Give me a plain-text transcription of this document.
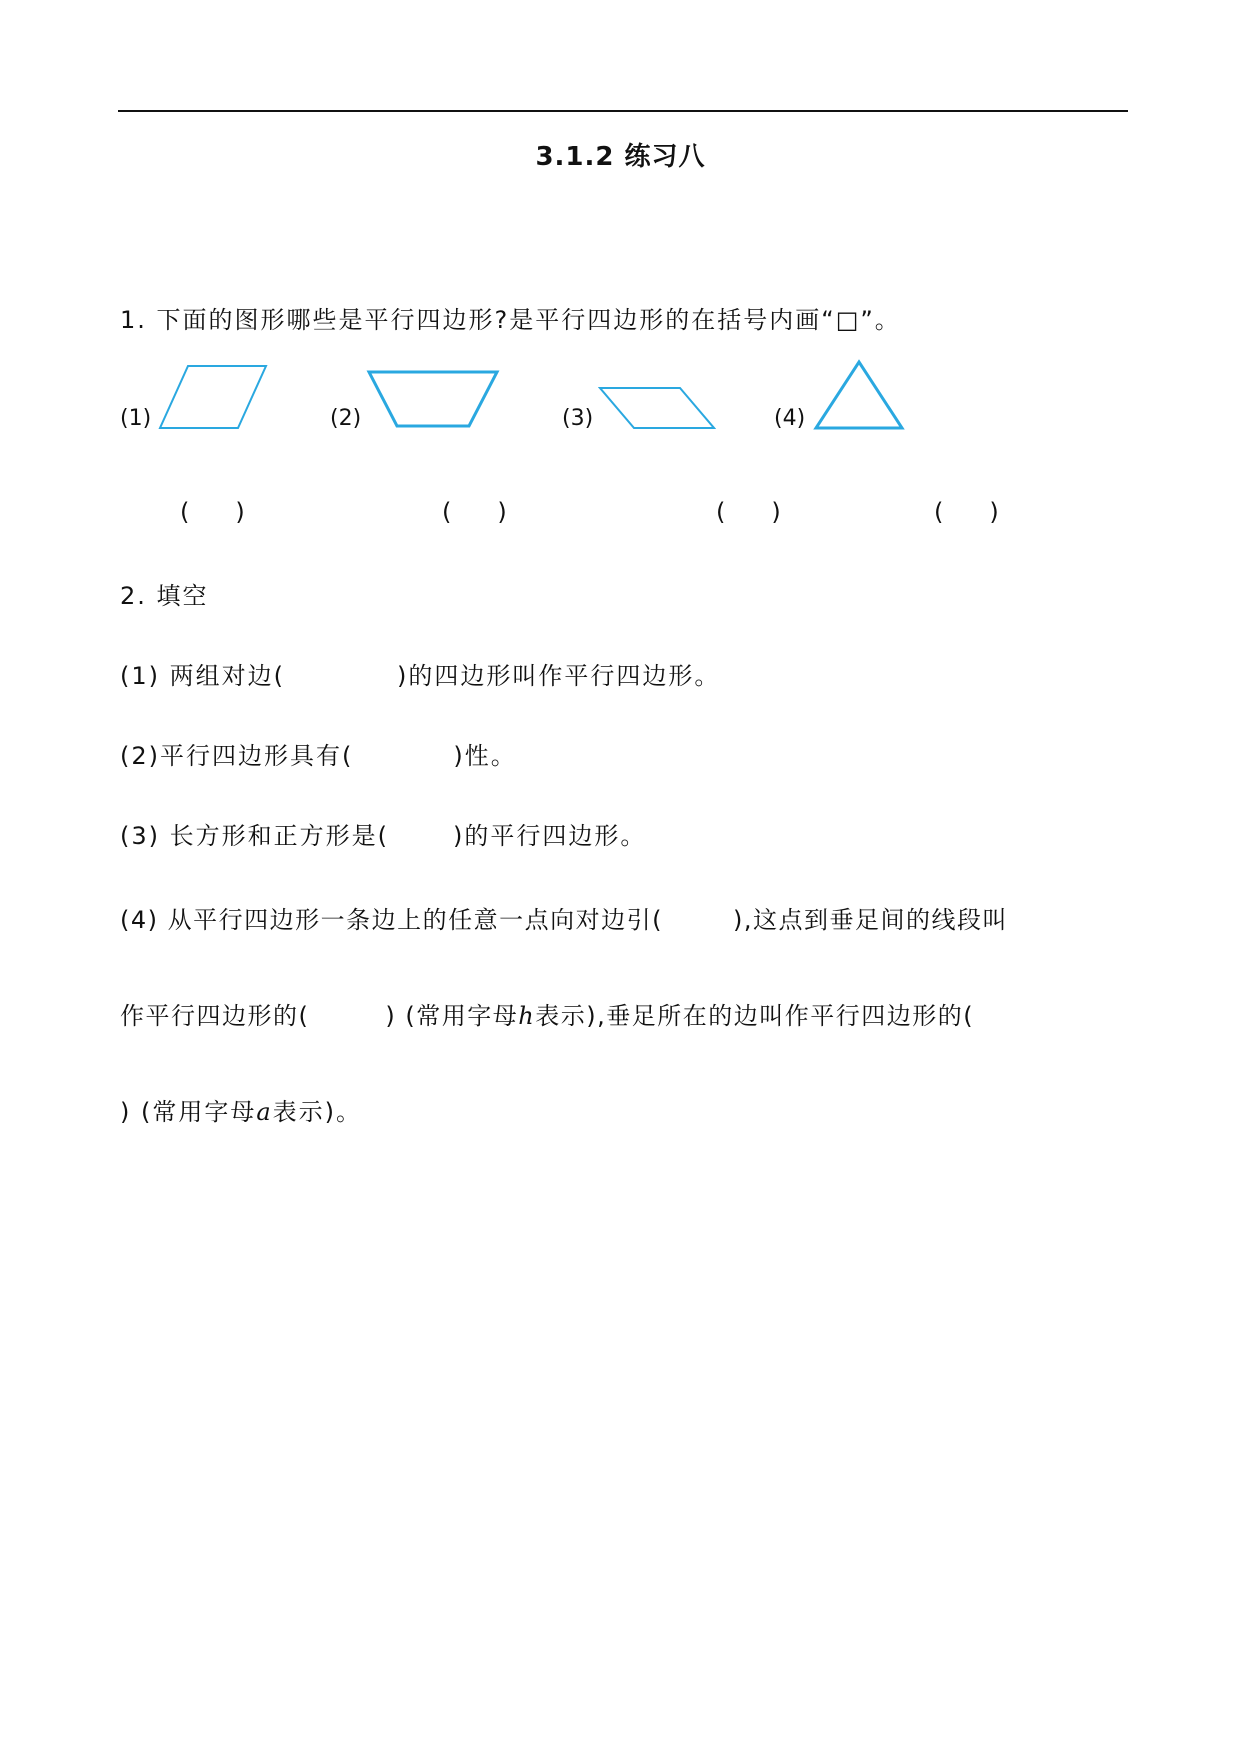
3.1.2 练习八
1. 下面的图形哪些是平行四边形?是平行四边形的在括号内画“□”。
(1)	(2)	(3)	(4)
( )	( )	( )	( )
2. 填空
(1) 两组对边(	)的四边形叫作平行四边形。
(2)平行四边形具有(	)性。
(3) 长方形和正方形是(	)的平行四边形。
(4) 从平行四边形一条边上的任意一点向对边引(	),这点到垂足间的线段叫
作平行四边形的(	) (常用字母h表示),垂足所在的边叫作平行四边形的(
) (常用字母a表示)。
